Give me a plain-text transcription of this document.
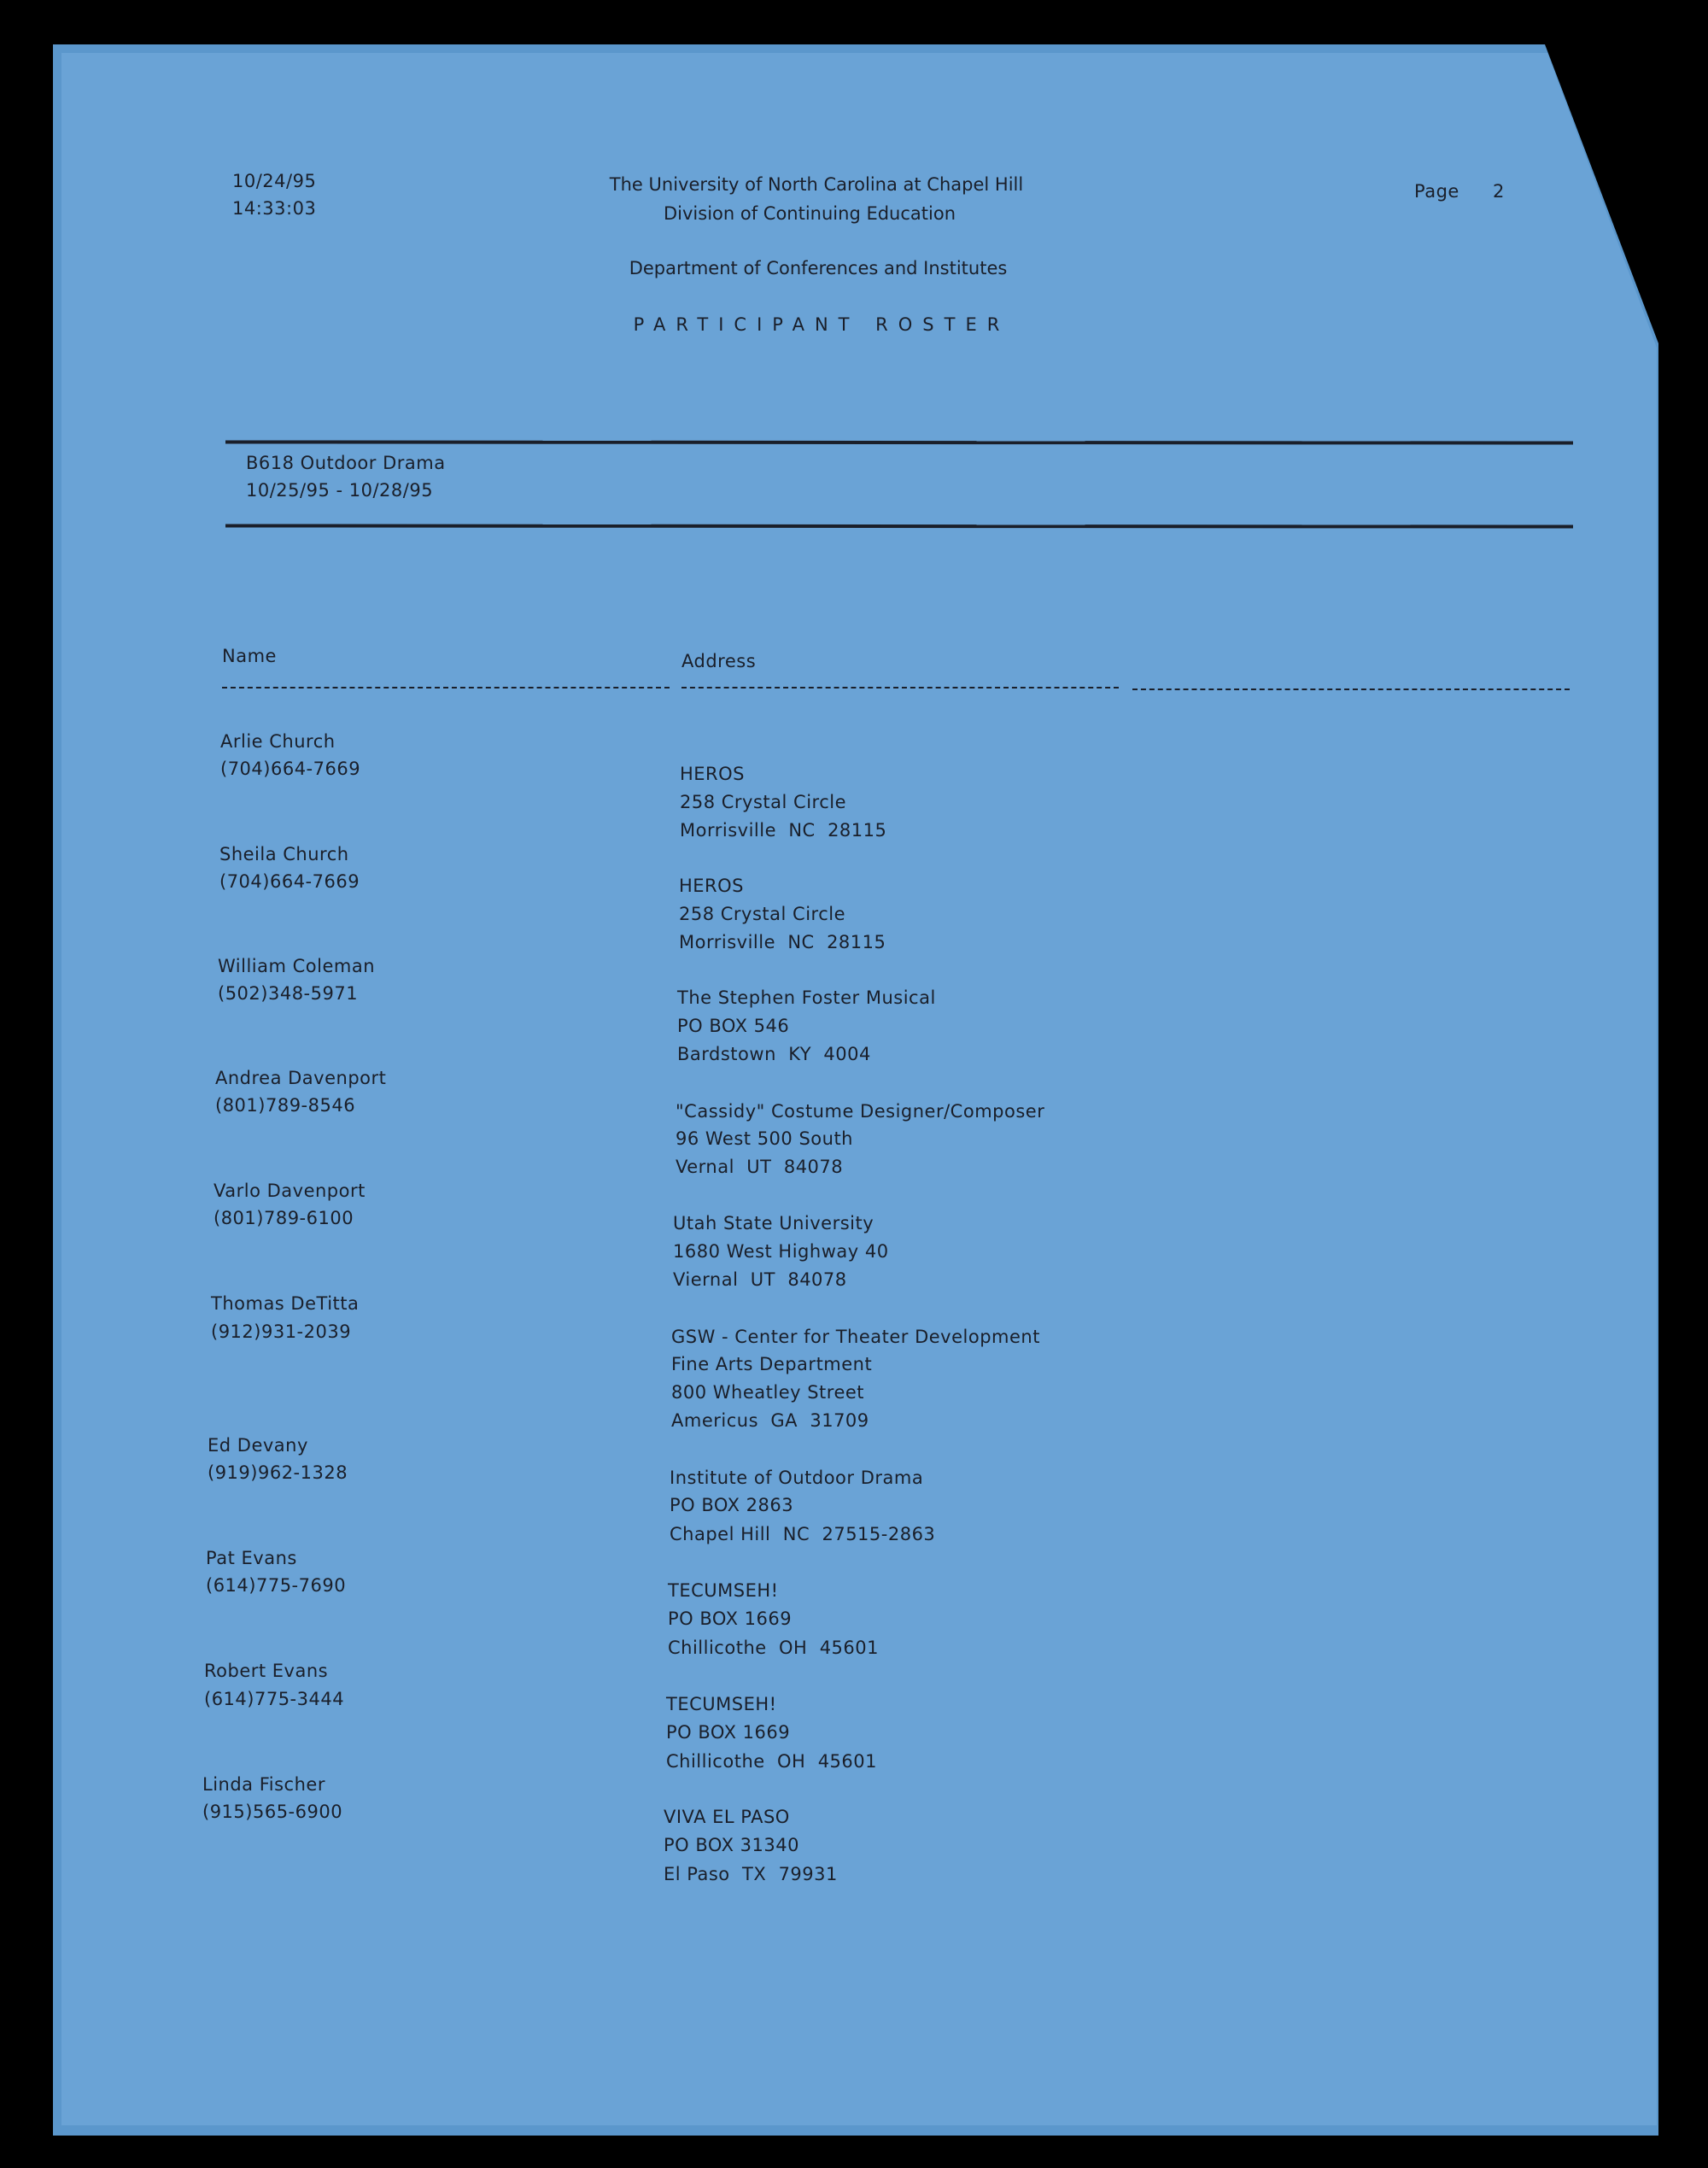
10/24/95
14:33:03
The University of North Carolina at Chapel Hill
Division of Continuing Education
Department of Conferences and Institutes
PARTICIPANT ROSTER
Page 2
B618 Outdoor Drama
10/25/95 - 10/28/95
Name	Address
Arlie Church
(704)664-7669	HEROS
258 Crystal Circle
Morrisville  NC  28115
Sheila Church
(704)664-7669	HEROS
258 Crystal Circle
Morrisville  NC  28115
William Coleman
(502)348-5971	The Stephen Foster Musical
PO BOX 546
Bardstown  KY  4004
Andrea Davenport
(801)789-8546	"Cassidy" Costume Designer/Composer
96 West 500 South
Vernal  UT  84078
Varlo Davenport
(801)789-6100	Utah State University
1680 West Highway 40
Viernal  UT  84078
Thomas DeTitta
(912)931-2039	GSW - Center for Theater Development
Fine Arts Department
800 Wheatley Street
Americus  GA  31709
Ed Devany
(919)962-1328	Institute of Outdoor Drama
PO BOX 2863
Chapel Hill  NC  27515-2863
Pat Evans
(614)775-7690	TECUMSEH!
PO BOX 1669
Chillicothe  OH  45601
Robert Evans
(614)775-3444	TECUMSEH!
PO BOX 1669
Chillicothe  OH  45601
Linda Fischer
(915)565-6900	VIVA EL PASO
PO BOX 31340
El Paso  TX  79931
